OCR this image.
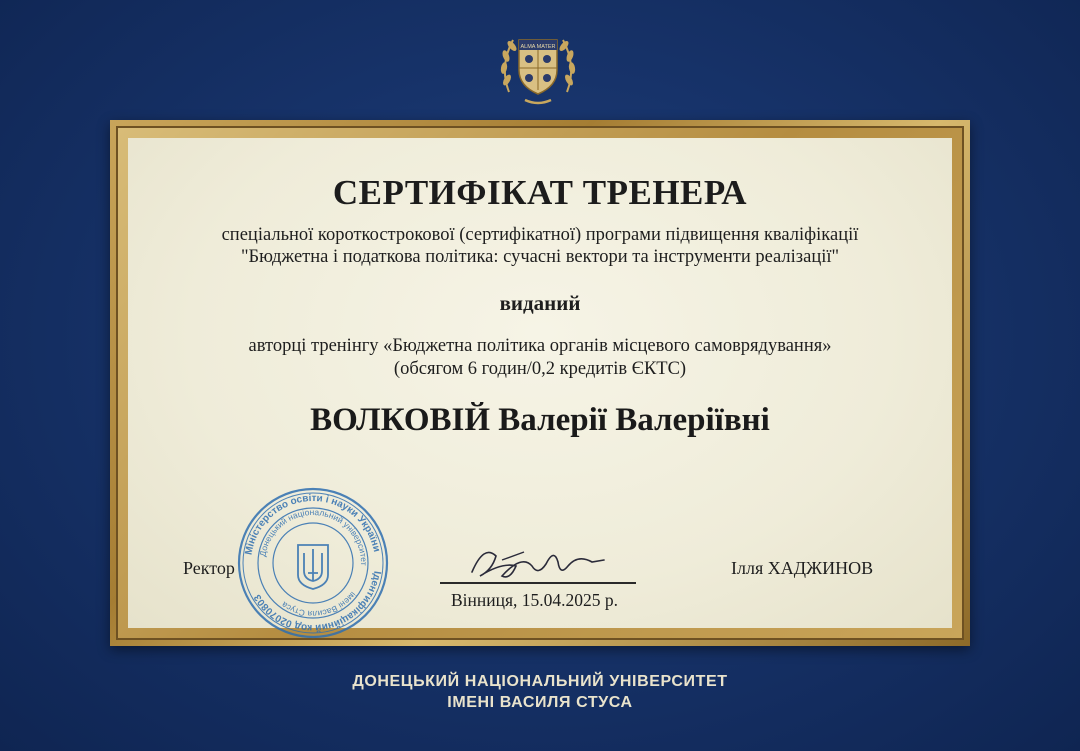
ALMA MATER
СЕРТИФІКАТ ТРЕНЕРА
спеціальної короткострокової (сертифікатної) програми підвищення кваліфікації
"Бюджетна і податкова політика: сучасні вектори та інструменти реалізації"
виданий
авторці тренінгу «Бюджетна політика органів місцевого самоврядування»
(обсягом 6 годин/0,2 кредитів ЄКТС)
ВОЛКОВІЙ Валерії Валеріївні
Ректор
Вінниця, 15.04.2025 р.
Ілля ХАДЖИНОВ
Міністерство освіти і науки України
Ідентифікаційний код 02070803
Донецький національний університет
імені Василя Стуса
ДОНЕЦЬКИЙ НАЦІОНАЛЬНИЙ УНІВЕРСИТЕТ
ІМЕНІ ВАСИЛЯ СТУСА
